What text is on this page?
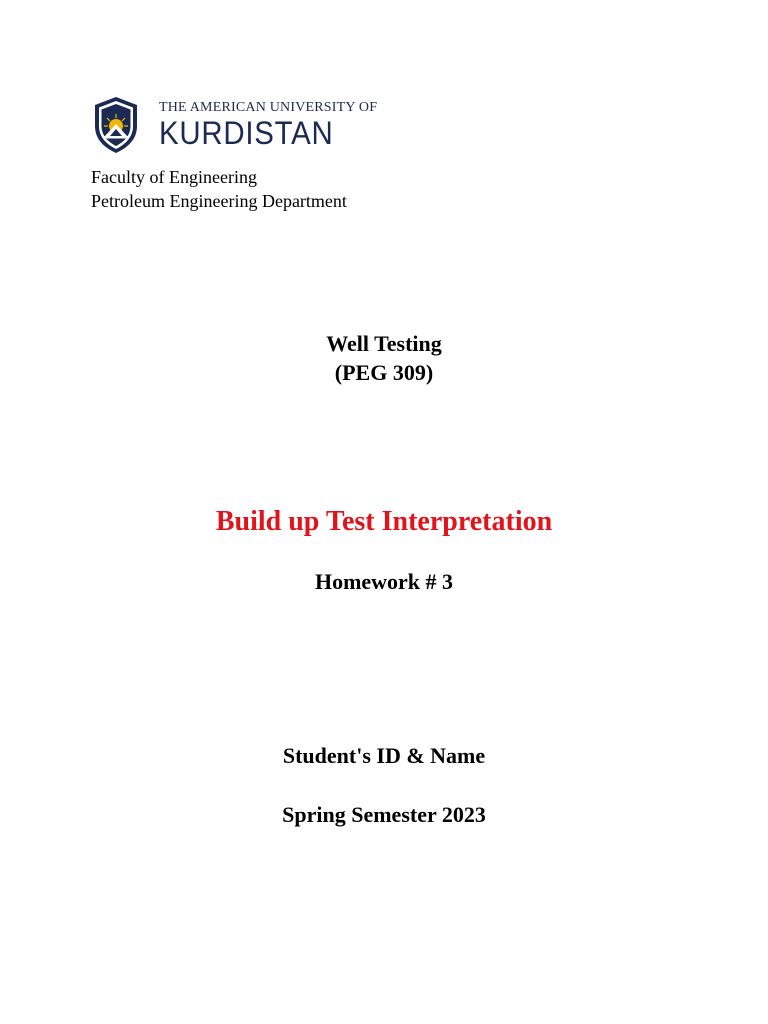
THE AMERICAN UNIVERSITY OF
KURDISTAN
Faculty of Engineering
Petroleum Engineering Department
Well Testing
(PEG 309)
Build up Test Interpretation
Homework # 3
Student's ID & Name
Spring Semester 2023
